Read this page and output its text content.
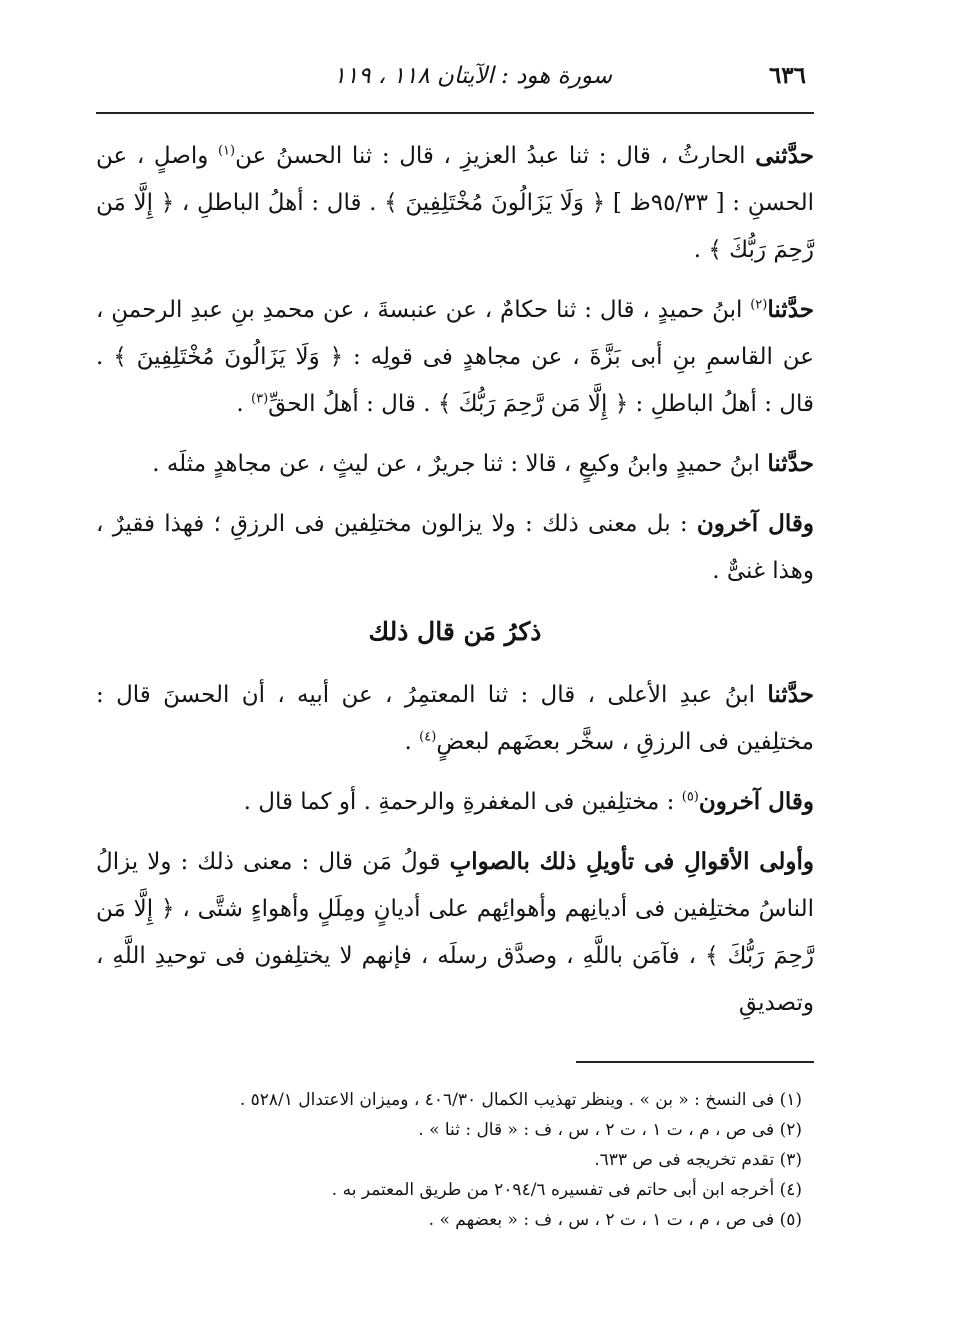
٦٣٦
سورة هود : الآيتان ١١٨ ، ١١٩

حدَّثنى الحارثُ ، قال : ثنا عبدُ العزيزِ ، قال : ثنا الحسنُ عن$^{(١)}$ واصلٍ ، عن الحسنِ : [ ٩٥/٣٣ظ ] ﴿ وَلَا يَزَالُونَ مُخْتَلِفِينَ ﴾ . قال : أهلُ الباطلِ ، ﴿ إِلَّا مَن رَّحِمَ رَبُّكَ ﴾ .

حدَّثنا$^{(٢)}$ ابنُ حميدٍ ، قال : ثنا حكامٌ ، عن عنبسةَ ، عن محمدِ بنِ عبدِ الرحمنِ ، عن القاسمِ بنِ أبى بَزَّةَ ، عن مجاهدٍ فى قولِه : ﴿ وَلَا يَزَالُونَ مُخْتَلِفِينَ ﴾ . قال : أهلُ الباطلِ : ﴿ إِلَّا مَن رَّحِمَ رَبُّكَ ﴾ . قال : أهلُ الحقِّ$^{(٣)}$ .

حدَّثنا ابنُ حميدٍ وابنُ وكيعٍ ، قالا : ثنا جريرٌ ، عن ليثٍ ، عن مجاهدٍ مثلَه .

وقال آخرون : بل معنى ذلك : ولا يزالون مختلِفين فى الرزقِ ؛ فهذا فقيرٌ ، وهذا غنىٌّ .

ذكرُ مَن قال ذلك

حدَّثنا ابنُ عبدِ الأعلى ، قال : ثنا المعتمِرُ ، عن أبيه ، أن الحسنَ قال : مختلِفين فى الرزقِ ، سخَّر بعضَهم لبعضٍ$^{(٤)}$ .

وقال آخرون$^{(٥)}$ : مختلِفين فى المغفرةِ والرحمةِ . أو كما قال .

وأولى الأقوالِ فى تأويلِ ذلك بالصوابِ قولُ مَن قال : معنى ذلك : ولا يزالُ الناسُ مختلِفين فى أديانِهم وأهوائِهم على أديانٍ ومِلَلٍ وأهواءٍ شتَّى ، ﴿ إِلَّا مَن رَّحِمَ رَبُّكَ ﴾ ، فآمَن باللَّهِ ، وصدَّق رسلَه ، فإنهم لا يختلِفون فى توحيدِ اللَّهِ ، وتصديقِ

(١) فى النسخ : « بن » . وينظر تهذيب الكمال ٤٠٦/٣٠ ، وميزان الاعتدال ٥٢٨/١ .

(٢) فى ص ، م ، ت ١ ، ت ٢ ، س ، ف : « قال : ثنا » .

(٣) تقدم تخريجه فى ص ٦٣٣.

(٤) أخرجه ابن أبى حاتم فى تفسيره ٢٠٩٤/٦ من طريق المعتمر به .

(٥) فى ص ، م ، ت ١ ، ت ٢ ، س ، ف : « بعضهم » .
